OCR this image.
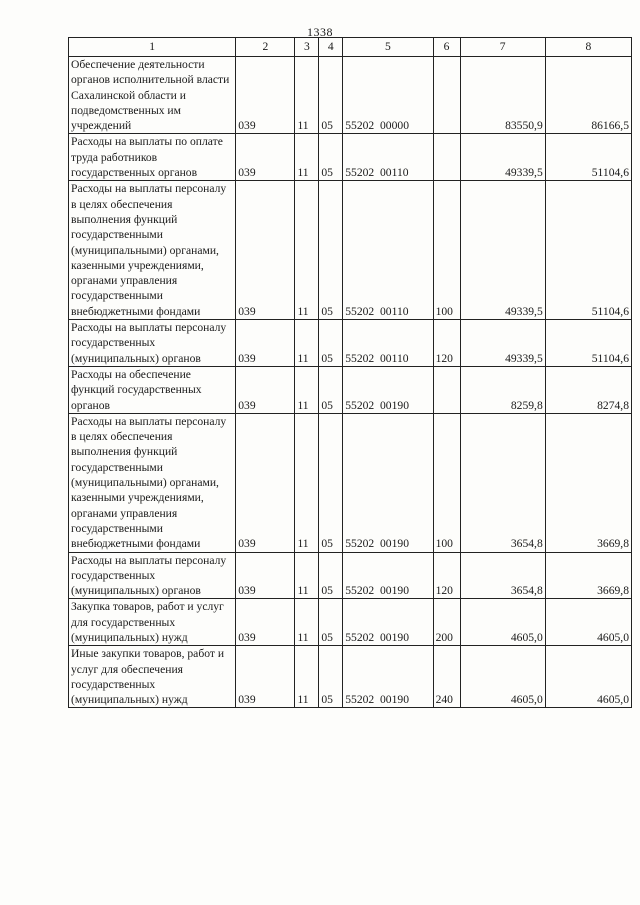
1338
1	2	3	4	5	6	7	8
Обеспечение деятельности органов исполнительной власти Сахалинской области и подведомственных им учреждений	039	11	05	55202  00000		83550,9	86166,5
Расходы на выплаты по оплате труда работников государственных органов	039	11	05	55202  00110		49339,5	51104,6
Расходы на выплаты персоналу в целях обеспечения выполнения функций государственными (муниципальными) органами, казенными учреждениями, органами управления государственными внебюджетными фондами	039	11	05	55202  00110	100	49339,5	51104,6
Расходы на выплаты персоналу государственных (муниципальных) органов	039	11	05	55202  00110	120	49339,5	51104,6
Расходы на обеспечение функций государственных органов	039	11	05	55202  00190		8259,8	8274,8
Расходы на выплаты персоналу в целях обеспечения выполнения функций государственными (муниципальными) органами, казенными учреждениями, органами управления государственными внебюджетными фондами	039	11	05	55202  00190	100	3654,8	3669,8
Расходы на выплаты персоналу государственных (муниципальных) органов	039	11	05	55202  00190	120	3654,8	3669,8
Закупка товаров, работ и услуг для государственных (муниципальных) нужд	039	11	05	55202  00190	200	4605,0	4605,0
Иные закупки товаров, работ и услуг для обеспечения государственных (муниципальных) нужд	039	11	05	55202  00190	240	4605,0	4605,0
